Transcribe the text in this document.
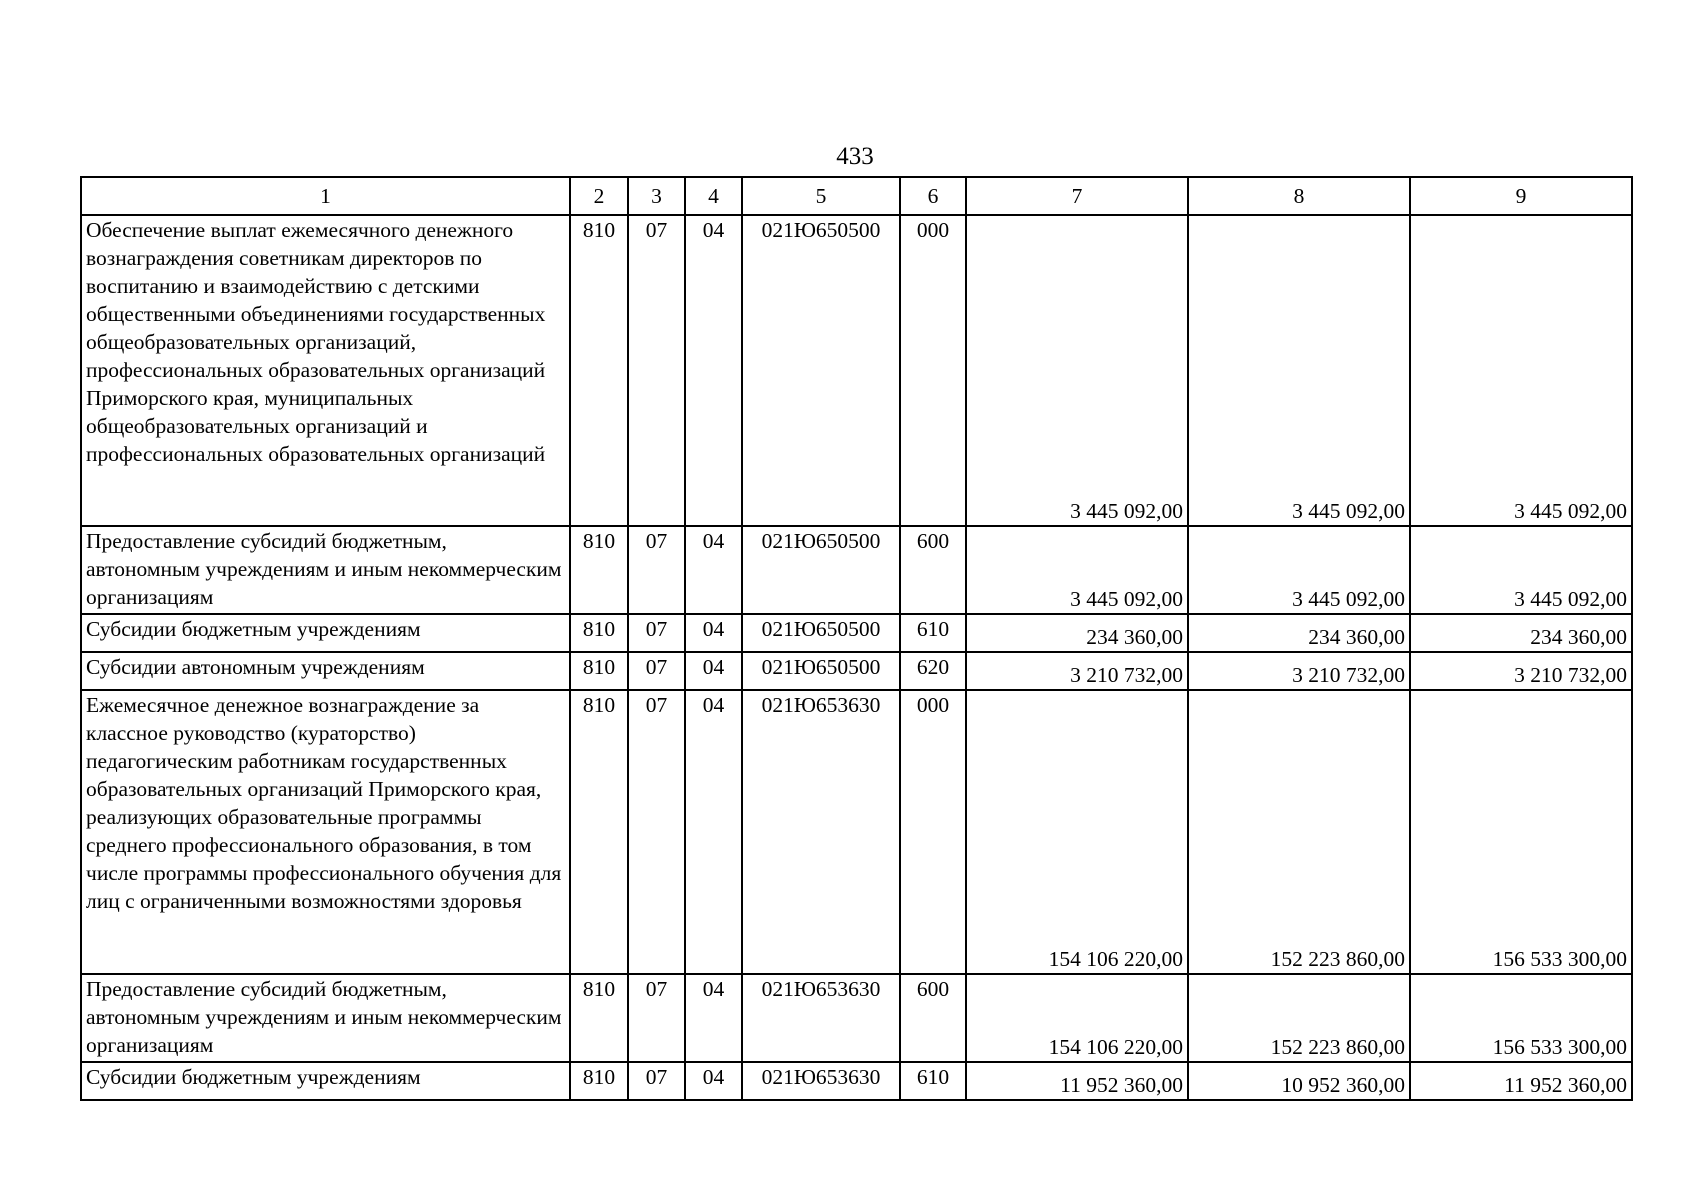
433
1	2	3	4	5	6	7	8	9
Обеспечение выплат ежемесячного денежного вознаграждения советникам директоров по воспитанию и взаимодействию с детскими общественными объединениями государственных общеобразовательных организаций, профессиональных образовательных организаций Приморского края, муниципальных общеобразовательных организаций и профессиональных образовательных организаций	810	07	04	021Ю650500	000	3 445 092,00	3 445 092,00	3 445 092,00
Предоставление субсидий бюджетным, автономным учреждениям и иным некоммерческим организациям	810	07	04	021Ю650500	600	3 445 092,00	3 445 092,00	3 445 092,00
Субсидии бюджетным учреждениям	810	07	04	021Ю650500	610	234 360,00	234 360,00	234 360,00
Субсидии автономным учреждениям	810	07	04	021Ю650500	620	3 210 732,00	3 210 732,00	3 210 732,00
Ежемесячное денежное вознаграждение за классное руководство (кураторство) педагогическим работникам государственных образовательных организаций Приморского края, реализующих образовательные программы среднего профессионального образования, в том числе программы профессионального обучения для лиц с ограниченными возможностями здоровья	810	07	04	021Ю653630	000	154 106 220,00	152 223 860,00	156 533 300,00
Предоставление субсидий бюджетным, автономным учреждениям и иным некоммерческим организациям	810	07	04	021Ю653630	600	154 106 220,00	152 223 860,00	156 533 300,00
Субсидии бюджетным учреждениям	810	07	04	021Ю653630	610	11 952 360,00	10 952 360,00	11 952 360,00
